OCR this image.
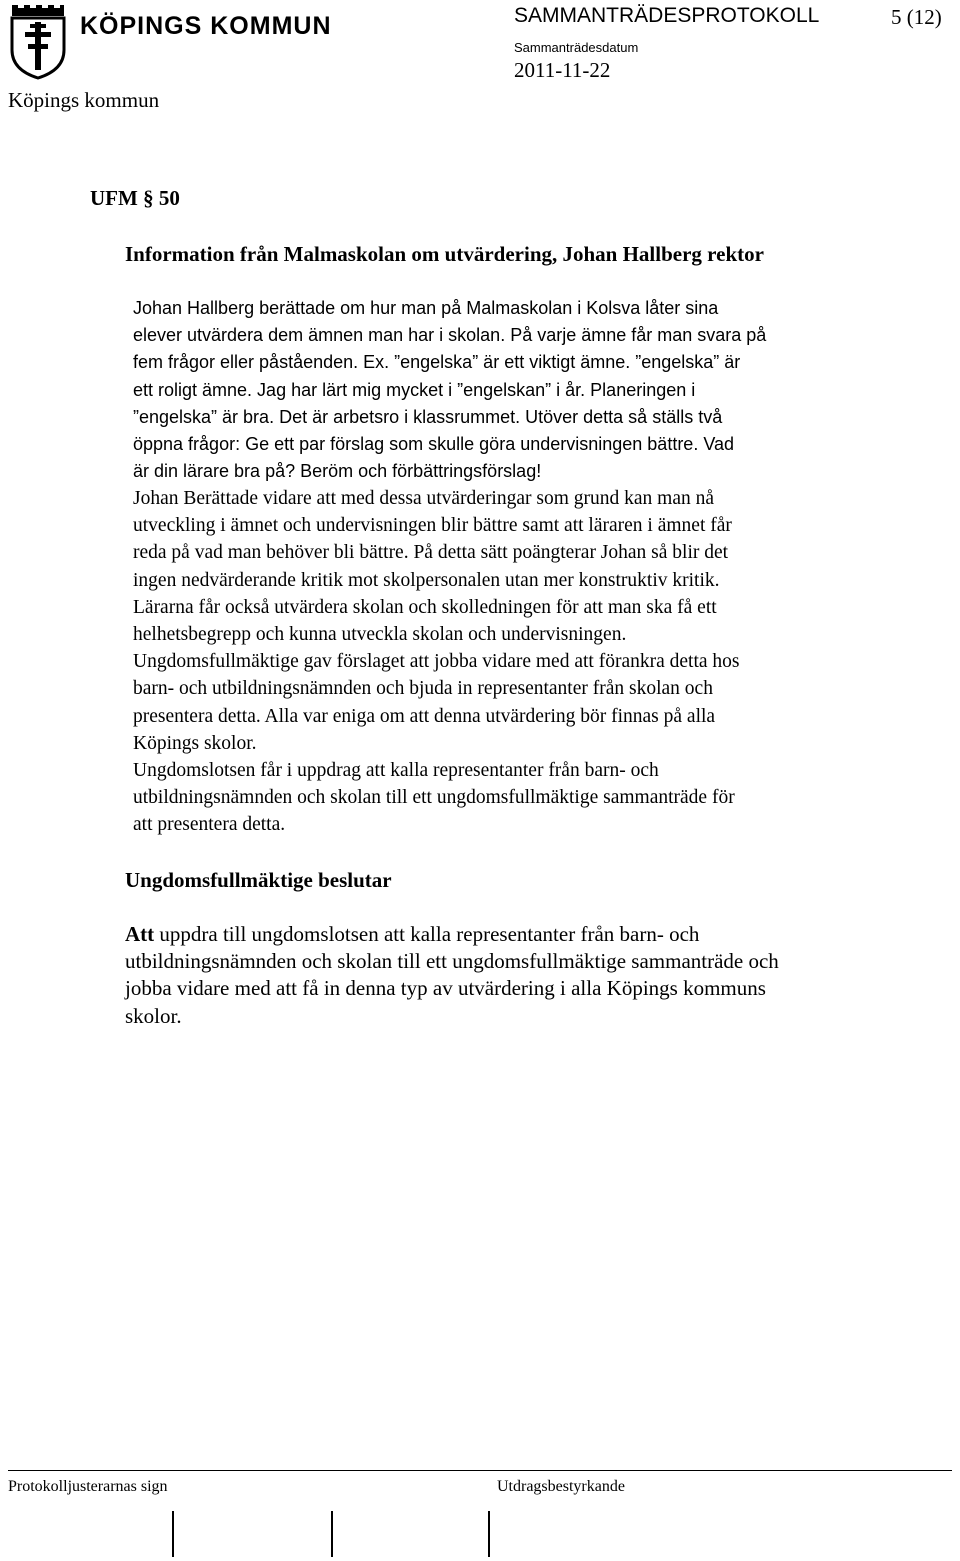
KÖPINGS KOMMUN
Köpings kommun
SAMMANTRÄDESPROTOKOLL	5 (12)
Sammanträdesdatum
2011-11-22
UFM § 50
Information från Malmaskolan om utvärdering, Johan Hallberg rektor
Johan Hallberg berättade om hur man på Malmaskolan i Kolsva låter sina
elever utvärdera dem ämnen man har i skolan. På varje ämne får man svara på
fem frågor eller påståenden. Ex. ”engelska” är ett viktigt ämne. ”engelska” är
ett roligt ämne. Jag har lärt mig mycket i ”engelskan” i år. Planeringen i
”engelska” är bra. Det är arbetsro i klassrummet. Utöver detta så ställs två
öppna frågor: Ge ett par förslag som skulle göra undervisningen bättre. Vad
är din lärare bra på? Beröm och förbättringsförslag!
Johan Berättade vidare att med dessa utvärderingar som grund kan man nå
utveckling i ämnet och undervisningen blir bättre samt att läraren i ämnet får
reda på vad man behöver bli bättre. På detta sätt poängterar Johan så blir det
ingen nedvärderande kritik mot skolpersonalen utan mer konstruktiv kritik.
Lärarna får också utvärdera skolan och skolledningen för att man ska få ett
helhetsbegrepp och kunna utveckla skolan och undervisningen.
Ungdomsfullmäktige gav förslaget att jobba vidare med att förankra detta hos
barn- och utbildningsnämnden och bjuda in representanter från skolan och
presentera detta. Alla var eniga om att denna utvärdering bör finnas på alla
Köpings skolor.
Ungdomslotsen får i uppdrag att kalla representanter från barn- och
utbildningsnämnden och skolan till ett ungdomsfullmäktige sammanträde för
att presentera detta.
Ungdomsfullmäktige beslutar
Att uppdra till ungdomslotsen att kalla representanter från barn- och
utbildningsnämnden och skolan till ett ungdomsfullmäktige sammanträde och
jobba vidare med att få in denna typ av utvärdering i alla Köpings kommuns
skolor.
Protokolljusterarnas sign	Utdragsbestyrkande
